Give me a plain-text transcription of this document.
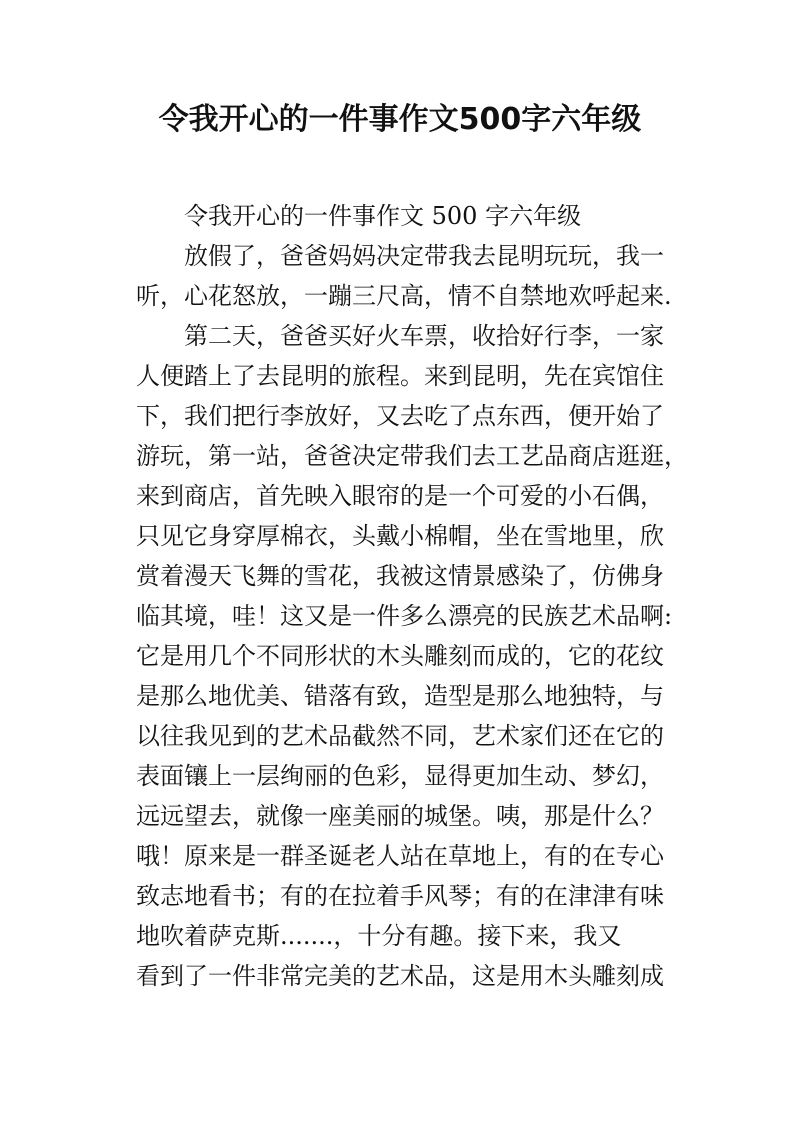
令我开心的一件事作文500字六年级
令我开心的一件事作文 500 字六年级
放假了，爸爸妈妈决定带我去昆明玩玩，我一
听，心花怒放，一蹦三尺高，情不自禁地欢呼起来.
第二天，爸爸买好火车票，收拾好行李，一家
人便踏上了去昆明的旅程。来到昆明，先在宾馆住
下，我们把行李放好，又去吃了点东西，便开始了
游玩，第一站，爸爸决定带我们去工艺品商店逛逛，
来到商店，首先映入眼帘的是一个可爱的小石偶，
只见它身穿厚棉衣，头戴小棉帽，坐在雪地里，欣
赏着漫天飞舞的雪花，我被这情景感染了，仿佛身
临其境，哇！这又是一件多么漂亮的民族艺术品啊:
它是用几个不同形状的木头雕刻而成的，它的花纹
是那么地优美、错落有致，造型是那么地独特，与
以往我见到的艺术品截然不同，艺术家们还在它的
表面镶上一层绚丽的色彩，显得更加生动、梦幻，
远远望去，就像一座美丽的城堡。咦，那是什么？
哦！原来是一群圣诞老人站在草地上，有的在专心
致志地看书；有的在拉着手风琴；有的在津津有味
地吹着萨克斯.......，十分有趣。接下来，我又
看到了一件非常完美的艺术品，这是用木头雕刻成
